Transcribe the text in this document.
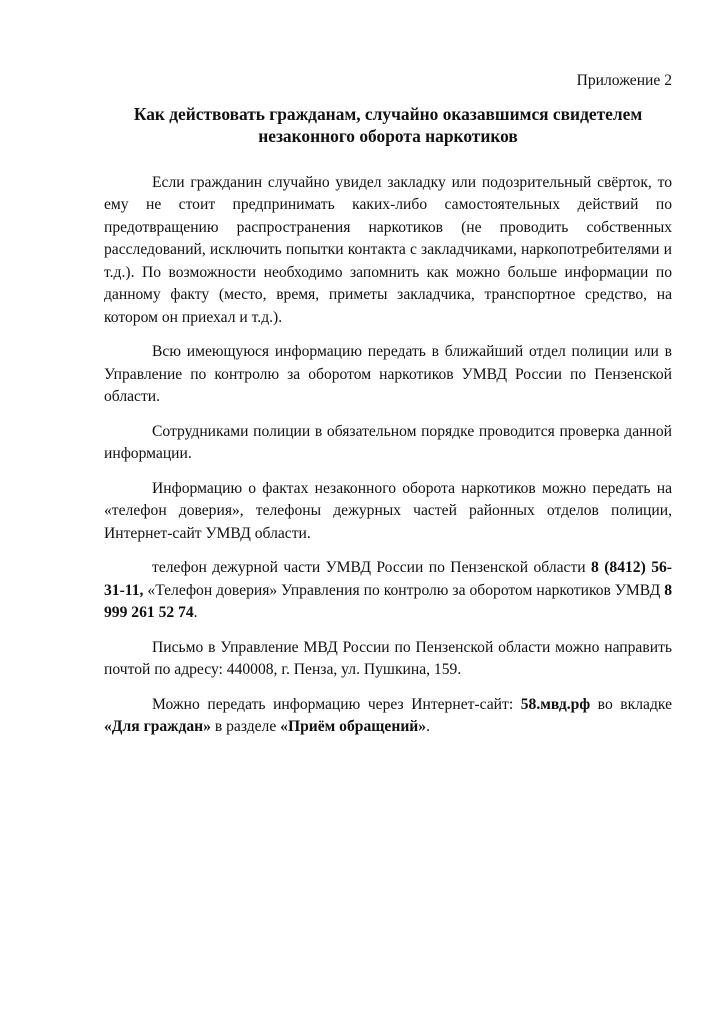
Приложение 2

Как действовать гражданам, случайно оказавшимся свидетелем незаконного оборота наркотиков

Если гражданин случайно увидел закладку или подозрительный свёрток, то ему не стоит предпринимать каких-либо самостоятельных действий по предотвращению распространения наркотиков (не проводить собственных расследований, исключить попытки контакта с закладчиками, наркопотребителями и т.д.). По возможности необходимо запомнить как можно больше информации по данному факту (место, время, приметы закладчика, транспортное средство, на котором он приехал и т.д.).

Всю имеющуюся информацию передать в ближайший отдел полиции или в Управление по контролю за оборотом наркотиков УМВД России по Пензенской области.

Сотрудниками полиции в обязательном порядке проводится проверка данной информации.

Информацию о фактах незаконного оборота наркотиков можно передать на «телефон доверия», телефоны дежурных частей районных отделов полиции, Интернет-сайт УМВД области.

телефон дежурной части УМВД России по Пензенской области 8 (8412) 56-31-11, «Телефон доверия» Управления по контролю за оборотом наркотиков УМВД 8 999 261 52 74.

Письмо в Управление МВД России по Пензенской области можно направить почтой по адресу: 440008, г. Пенза, ул. Пушкина, 159.

Можно передать информацию через Интернет-сайт: 58.мвд.рф во вкладке «Для граждан» в разделе «Приём обращений».
